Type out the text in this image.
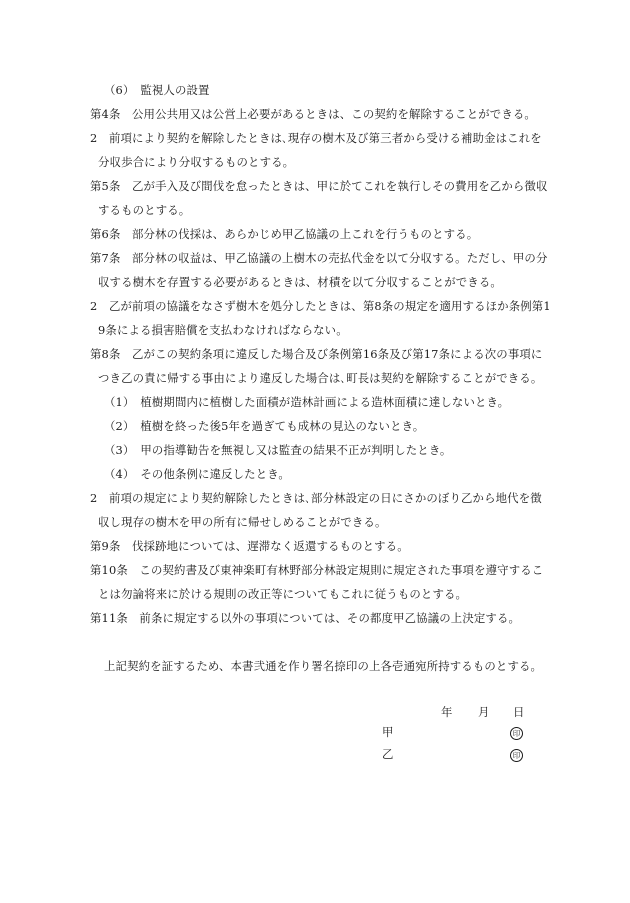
（6）　監視人の設置
第4条　公用公共用又は公営上必要があるときは、この契約を解除することができる。
2　前項により契約を解除したときは､現存の樹木及び第三者から受ける補助金はこれを
分収歩合により分収するものとする。
第5条　乙が手入及び間伐を怠ったときは、甲に於てこれを執行しその費用を乙から徴収
するものとする。
第6条　部分林の伐採は、あらかじめ甲乙協議の上これを行うものとする。
第7条　部分林の収益は、甲乙協議の上樹木の売払代金を以て分収する。ただし、甲の分
収する樹木を存置する必要があるときは、材積を以て分収することができる。
2　乙が前項の協議をなさず樹木を処分したときは、第8条の規定を適用するほか条例第1
9条による損害賠償を支払わなければならない。
第8条　乙がこの契約条項に違反した場合及び条例第16条及び第17条による次の事項に
つき乙の責に帰する事由により違反した場合は､町長は契約を解除することができる。
（1）　植樹期間内に植樹した面積が造林計画による造林面積に達しないとき。
（2）　植樹を終った後5年を過ぎても成林の見込のないとき。
（3）　甲の指導勧告を無視し又は監査の結果不正が判明したとき。
（4）　その他条例に違反したとき。
2　前項の規定により契約解除したときは､部分林設定の日にさかのぼり乙から地代を徴
収し現存の樹木を甲の所有に帰せしめることができる。
第9条　伐採跡地については、遅滞なく返還するものとする。
第10条　この契約書及び東神楽町有林野部分林設定規則に規定された事項を遵守するこ
とは勿論将来に於ける規則の改正等についてもこれに従うものとする。
第11条　前条に規定する以外の事項については、その都度甲乙協議の上決定する。
上記契約を証するため、本書弐通を作り署名捺印の上各壱通宛所持するものとする。
年 月 日
甲	印
乙	印
